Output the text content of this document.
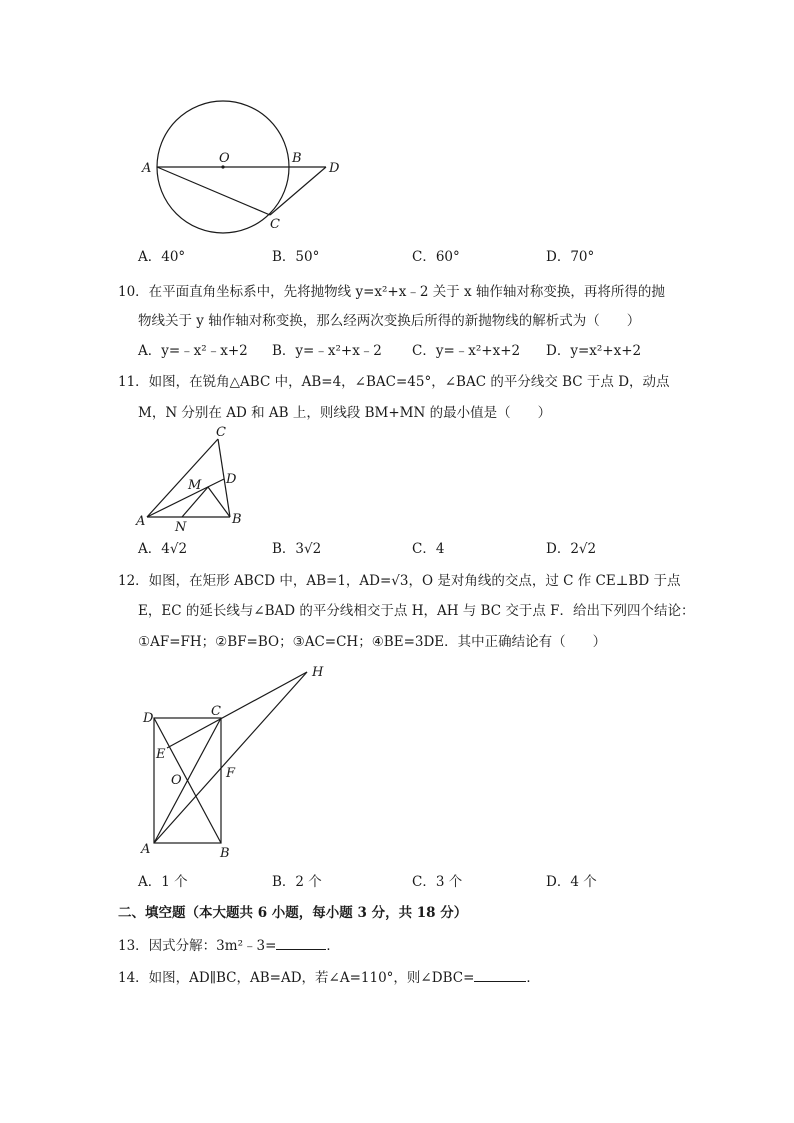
A
O	B
D
C
A．40°	B．50°	C．60°	D．70°
10．在平面直角坐标系中，先将抛物线 y=x²+x﹣2 关于 x 轴作轴对称变换，再将所得的抛
物线关于 y 轴作轴对称变换，那么经两次变换后所得的新抛物线的解析式为（　　）
A．y=﹣x²﹣x+2 B．y=﹣x²+x﹣2 C．y=﹣x²+x+2 D．y=x²+x+2
11．如图，在锐角△ABC 中，AB=4，∠BAC=45°，∠BAC 的平分线交 BC 于点 D，动点
M，N 分别在 AD 和 AB 上，则线段 BM+MN 的最小值是（　　）
A	B
C
D
M
N
A．4√2	B．3√2	C．4	D．2√2
12．如图，在矩形 ABCD 中，AB=1，AD=√3，O 是对角线的交点，过 C 作 CE⊥BD 于点
E，EC 的延长线与∠BAD 的平分线相交于点 H，AH 与 BC 交于点 F．给出下列四个结论：
①AF=FH；②BF=BO；③AC=CH；④BE=3DE．其中正确结论有（　　）
D	C
H
E
O	F
A	B
A．1 个	B．2 个	C．3 个	D．4 个
二、填空题（本大题共 6 小题，每小题 3 分，共 18 分）
13．因式分解：3m²﹣3=	．
14．如图，AD∥BC，AB=AD，若∠A=110°，则∠DBC=	．
